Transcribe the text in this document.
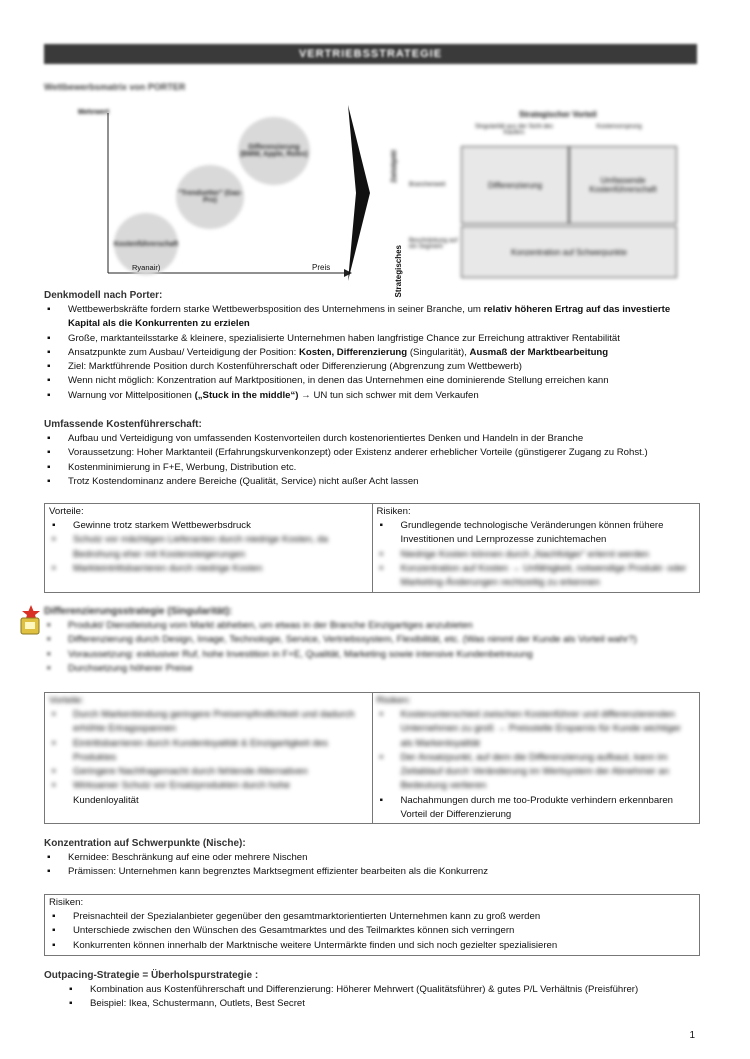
VERTRIEBSSTRATEGIE
Wettbewerbsmatrix von PORTER
Mehrwert
Preis
Kostenführerschaft
Ryanair)
"Trendsetter" (Gaz-Pro)
Differenzierung (BMW, Apple, Rolex)
Strategischer Vorteil
Singularität aus der Sicht des Käufers
Kostenvorsprung
Zielobjekt
Branchenweit
Beschränkung auf ein Segment
Differenzierung	Umfassende Kostenführerschaft
Konzentration auf Schwerpunkte
Strategisches
Denkmodell nach Porter:
▪ Wettbewerbskräfte fordern starke Wettbewerbsposition des Unternehmens in seiner Branche, um relativ höheren Ertrag auf das investierte Kapital als die Konkurrenten zu erzielen
▪ Große, marktanteilsstarke & kleinere, spezialisierte Unternehmen haben langfristige Chance zur Erreichung attraktiver Rentabilität
▪ Ansatzpunkte zum Ausbau/ Verteidigung der Position: Kosten, Differenzierung (Singularität), Ausmaß der Marktbearbeitung
▪ Ziel: Marktführende Position durch Kostenführerschaft oder Differenzierung (Abgrenzung zum Wettbewerb)
▪ Wenn nicht möglich: Konzentration auf Marktpositionen, in denen das Unternehmen eine dominierende Stellung erreichen kann
▪ Warnung vor Mittelpositionen („Stuck in the middle“) → UN tun sich schwer mit dem Verkaufen
Umfassende Kostenführerschaft:
▪ Aufbau und Verteidigung von umfassenden Kostenvorteilen durch kostenorientiertes Denken und Handeln in der Branche
▪ Voraussetzung: Hoher Marktanteil (Erfahrungskurvenkonzept) oder Existenz anderer erheblicher Vorteile (günstigerer Zugang zu Rohst.)
▪ Kostenminimierung in F+E, Werbung, Distribution etc.
▪ Trotz Kostendominanz andere Bereiche (Qualität, Service) nicht außer Acht lassen
Vorteile:
▪ Gewinne trotz starkem Wettbewerbsdruck
▪ Schutz vor mächtigen Lieferanten durch niedrige Kosten, da Bedrohung eher mit Kostensteigerungen
▪ Markteintrittsbarrieren durch niedrige Kosten
Risiken:
▪ Grundlegende technologische Veränderungen können frühere Investitionen und Lernprozesse zunichtemachen
▪ Niedrige Kosten können durch „Nachfolger“ erlernt werden
▪ Konzentration auf Kosten → Unfähigkeit, notwendige Produkt- oder Marketing-Änderungen rechtzeitig zu erkennen
Differenzierungsstrategie (Singularität):
▪ Produkt/ Dienstleistung vom Markt abheben, um etwas in der Branche Einzigartiges anzubieten
▪ Differenzierung durch Design, Image, Technologie, Service, Vertriebssystem, Flexibilität, etc. (Was nimmt der Kunde als Vorteil wahr?)
▪ Voraussetzung: exklusiver Ruf, hohe Investition in F+E, Qualität, Marketing sowie intensive Kundenbetreuung
▪ Durchsetzung höherer Preise
Vorteile:
▪ Durch Markenbindung geringere Preisempfindlichkeit und dadurch erhöhte Ertragsspannen
▪ Eintrittsbarrieren durch Kundenloyalität & Einzigartigkeit des Produktes
▪ Geringere Nachfragemacht durch fehlende Alternativen
▪ Wirksamer Schutz vor Ersatzprodukten durch hohe
Kundenloyalität
Risiken:
▪ Kostenunterschied zwischen Kostenführer und differenzierenden Unternehmen zu groß → Preisstelle Ersparnis für Kunde wichtiger als Markenloyalität
▪ Der Ansatzpunkt, auf dem die Differenzierung aufbaut, kann im Zeitablauf durch Veränderung im Wertsystem der Abnehmer an Bedeutung verlieren
▪ Nachahmungen durch me too-Produkte verhindern erkennbaren Vorteil der Differenzierung
Konzentration auf Schwerpunkte (Nische):
▪ Kernidee: Beschränkung auf eine oder mehrere Nischen
▪ Prämissen: Unternehmen kann begrenztes Marktsegment effizienter bearbeiten als die Konkurrenz
Risiken:
▪ Preisnachteil der Spezialanbieter gegenüber den gesamtmarktorientierten Unternehmen kann zu groß werden
▪ Unterschiede zwischen den Wünschen des Gesamtmarktes und des Teilmarktes können sich verringern
▪ Konkurrenten können innerhalb der Marktnische weitere Untermärkte finden und sich noch gezielter spezialisieren
Outpacing-Strategie = Überholspurstrategie :
▪ Kombination aus Kostenführerschaft und Differenzierung: Höherer Mehrwert (Qualitätsführer) & gutes P/L Verhältnis (Preisführer)
▪ Beispiel: Ikea, Schustermann, Outlets, Best Secret
1
